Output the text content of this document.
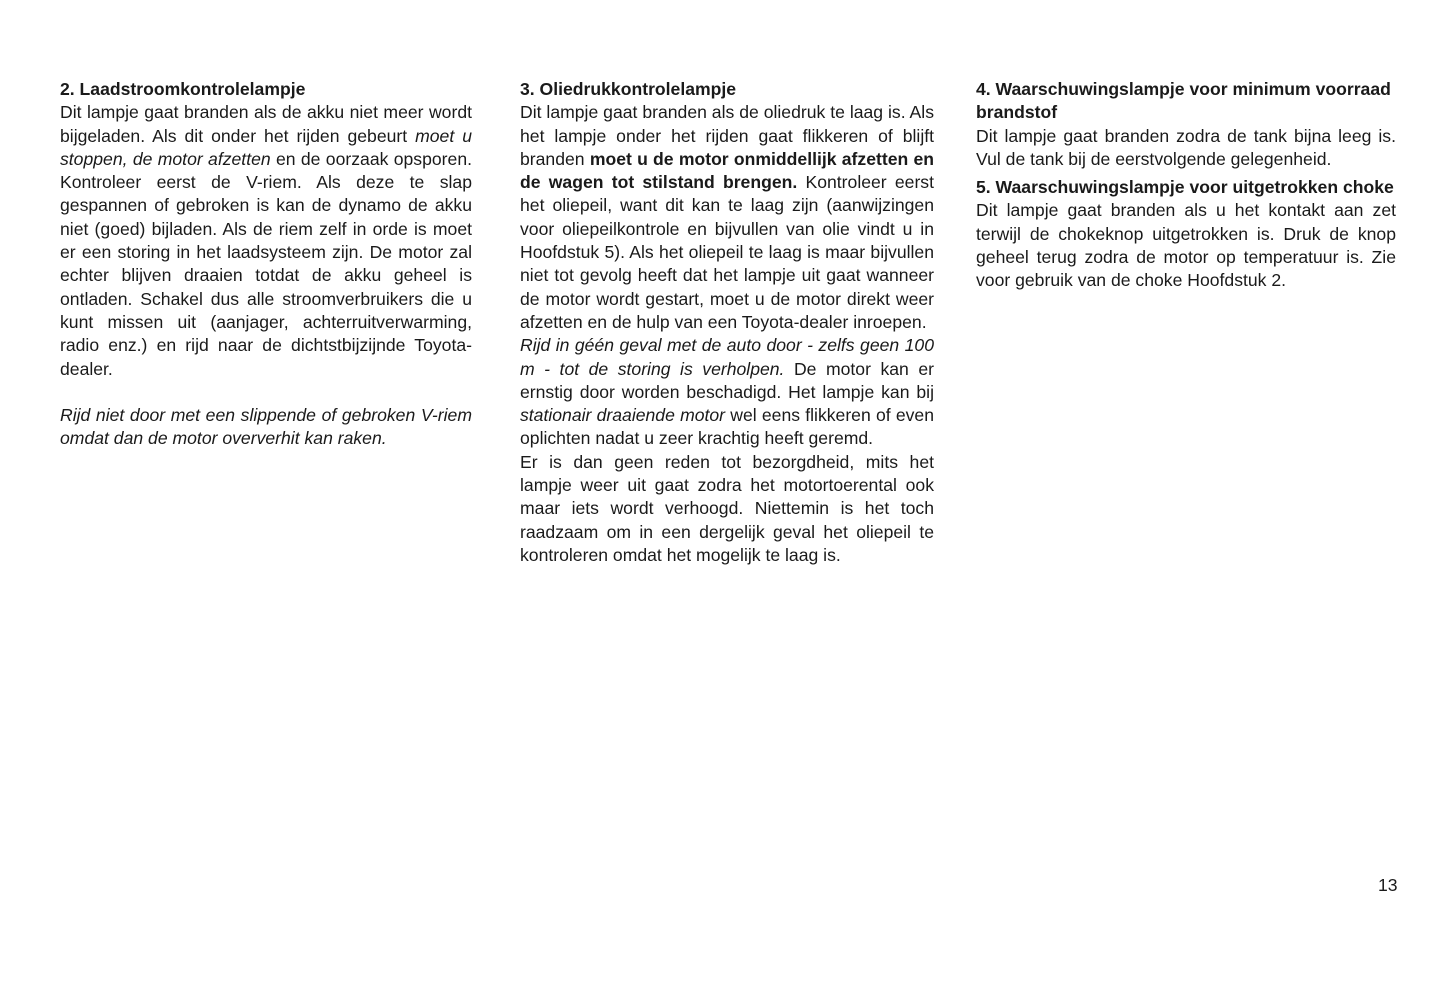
2. Laadstroomkontrolelampje

Dit lampje gaat branden als de akku niet meer wordt bijgeladen. Als dit onder het rijden gebeurt moet u stoppen, de motor afzetten en de oorzaak opsporen. Kontroleer eerst de V-riem. Als deze te slap gespannen of gebroken is kan de dynamo de akku niet (goed) bijladen. Als de riem zelf in orde is moet er een storing in het laadsysteem zijn. De motor zal echter blijven draaien totdat de akku geheel is ontladen. Schakel dus alle stroomverbruikers die u kunt missen uit (aanjager, achterruitverwarming, radio enz.) en rijd naar de dichtstbijzijnde Toyota-dealer.

Rijd niet door met een slippende of gebroken V-riem omdat dan de motor oververhit kan raken.

3. Oliedrukkontrolelampje

Dit lampje gaat branden als de oliedruk te laag is. Als het lampje onder het rijden gaat flikkeren of blijft branden moet u de motor onmiddellijk afzetten en de wagen tot stilstand brengen. Kontroleer eerst het oliepeil, want dit kan te laag zijn (aanwijzingen voor oliepeilkontrole en bijvullen van olie vindt u in Hoofdstuk 5). Als het oliepeil te laag is maar bijvullen niet tot gevolg heeft dat het lampje uit gaat wanneer de motor wordt gestart, moet u de motor direkt weer afzetten en de hulp van een Toyota-dealer inroepen.

Rijd in géén geval met de auto door - zelfs geen 100 m - tot de storing is verholpen. De motor kan er ernstig door worden beschadigd. Het lampje kan bij stationair draaiende motor wel eens flikkeren of even oplichten nadat u zeer krachtig heeft geremd.

Er is dan geen reden tot bezorgdheid, mits het lampje weer uit gaat zodra het motortoerental ook maar iets wordt verhoogd. Niettemin is het toch raadzaam om in een dergelijk geval het oliepeil te kontroleren omdat het mogelijk te laag is.

4. Waarschuwingslampje voor minimum voorraad brandstof

Dit lampje gaat branden zodra de tank bijna leeg is. Vul de tank bij de eerstvolgende gelegenheid.

5. Waarschuwingslampje voor uitgetrokken choke

Dit lampje gaat branden als u het kontakt aan zet terwijl de chokeknop uitgetrokken is. Druk de knop geheel terug zodra de motor op temperatuur is. Zie voor gebruik van de choke Hoofdstuk 2.

13
